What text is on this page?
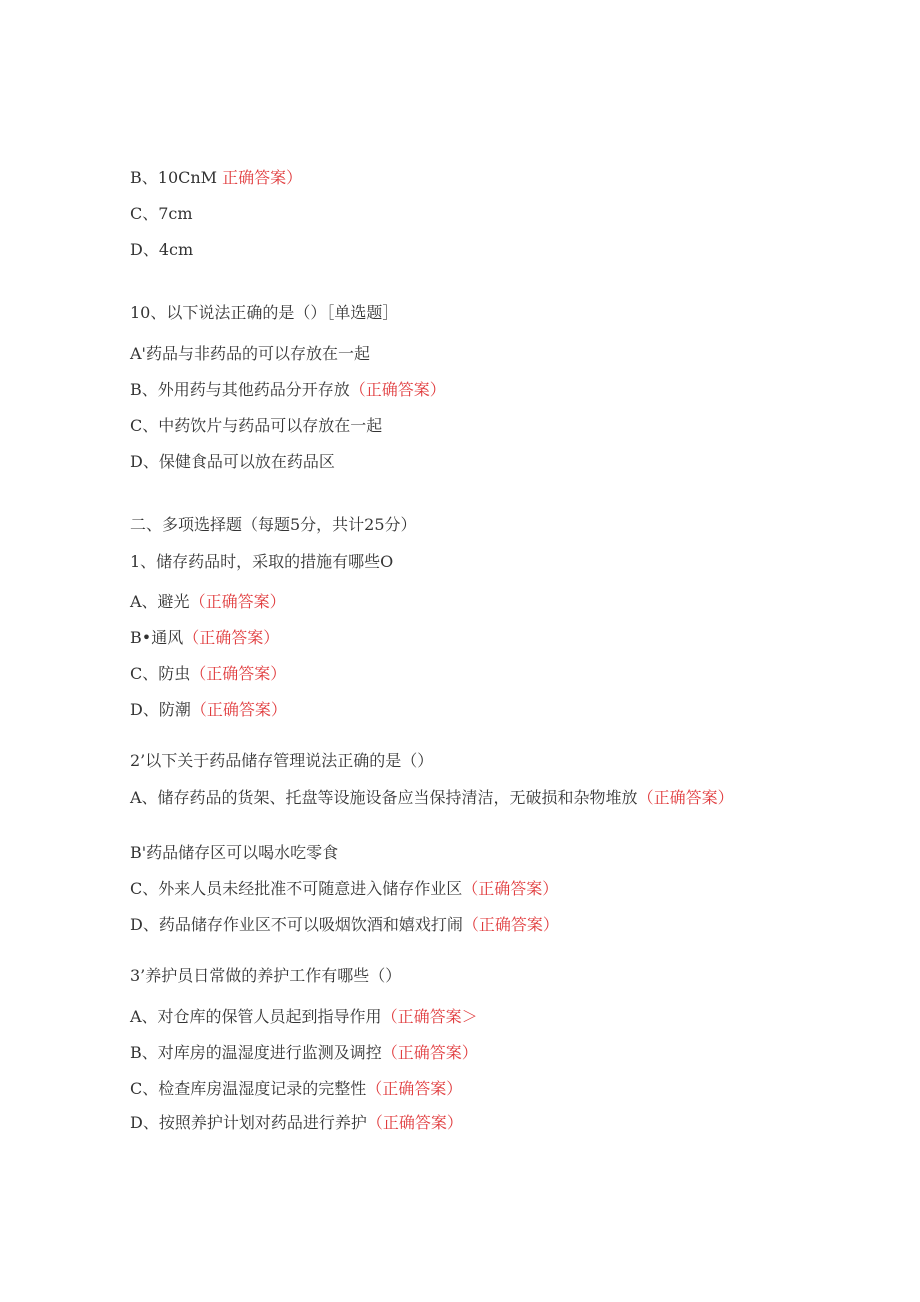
B、10CnM 正确答案）
C、7cm
D、4cm
10、以下说法正确的是（）［单选题］
A'药品与非药品的可以存放在一起
B、外用药与其他药品分开存放（正确答案）
C、中药饮片与药品可以存放在一起
D、保健食品可以放在药品区
二、多项选择题（每题5分，共计25分）
1、储存药品时，采取的措施有哪些O
A、避光（正确答案）
B•通风（正确答案）
C、防虫（正确答案）
D、防潮（正确答案）
2’以下关于药品储存管理说法正确的是（）
A、储存药品的货架、托盘等设施设备应当保持清洁，无破损和杂物堆放（正确答案）
B'药品储存区可以喝水吃零食
C、外来人员未经批准不可随意进入储存作业区（正确答案）
D、药品储存作业区不可以吸烟饮酒和嬉戏打闹（正确答案）
3’养护员日常做的养护工作有哪些（）
A、对仓库的保管人员起到指导作用（正确答案＞
B、对库房的温湿度进行监测及调控（正确答案）
C、检查库房温湿度记录的完整性（正确答案）
D、按照养护计划对药品进行养护（正确答案）
